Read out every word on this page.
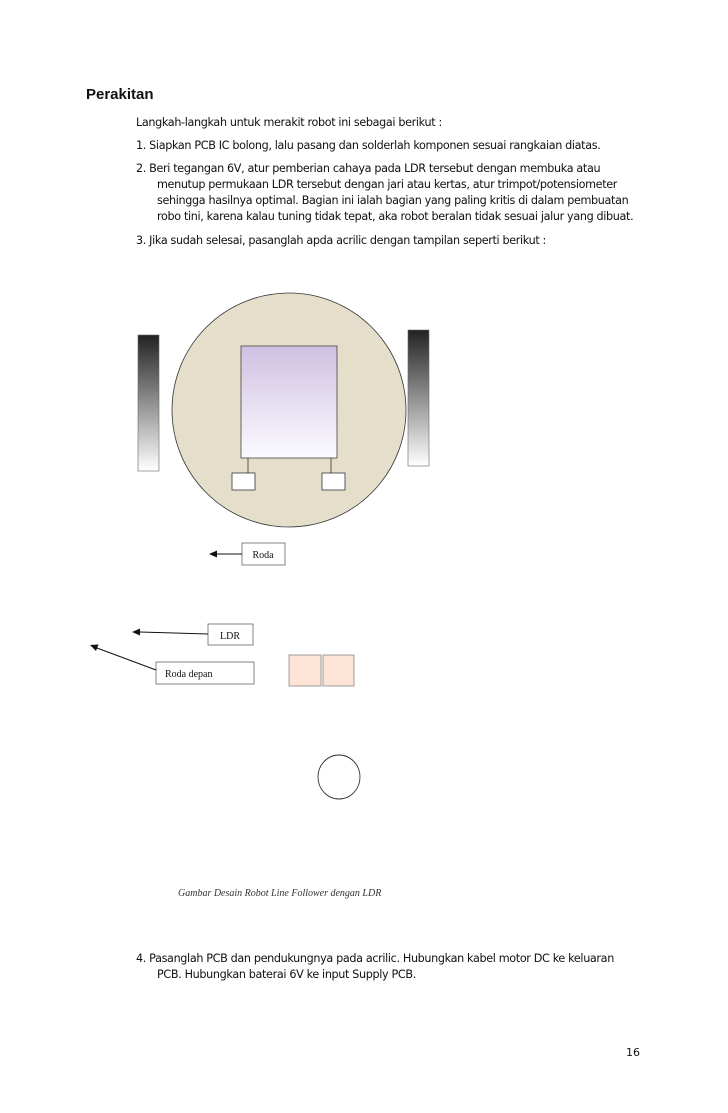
Perakitan
Langkah-langkah untuk merakit robot ini sebagai berikut :
1. Siapkan PCB IC bolong, lalu pasang dan solderlah komponen sesuai rangkaian diatas.
2. Beri tegangan 6V, atur pemberian cahaya pada LDR tersebut dengan membuka atau
menutup permukaan LDR tersebut dengan jari atau kertas, atur trimpot/potensiometer
sehingga hasilnya optimal. Bagian ini ialah bagian yang paling kritis di dalam pembuatan
robo tini, karena kalau tuning tidak tepat, aka robot beralan tidak sesuai jalur yang dibuat.
3. Jika sudah selesai, pasanglah apda acrilic dengan tampilan seperti berikut :
Roda
LDR
Roda depan
Gambar Desain Robot Line Follower dengan LDR
4. Pasanglah PCB dan pendukungnya pada acrilic. Hubungkan kabel motor DC ke keluaran
PCB. Hubungkan baterai 6V ke input Supply PCB.
16
